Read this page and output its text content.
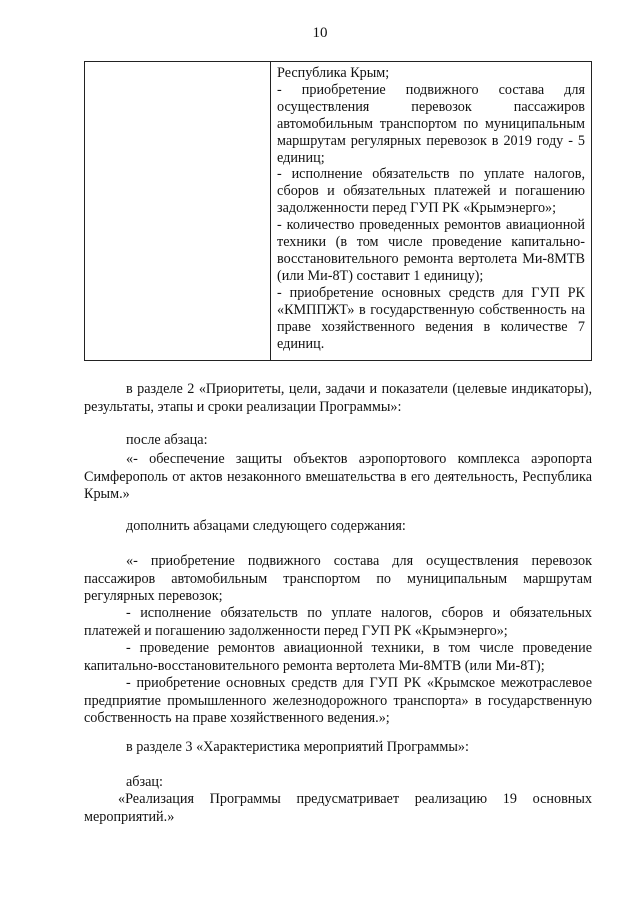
10

Республика Крым;

- приобретение подвижного состава для осуществления перевозок пассажиров автомобильным транспортом по муниципальным маршрутам регулярных перевозок в 2019 году - 5 единиц;

- исполнение обязательств по уплате налогов, сборов и обязательных платежей и погашению задолженности перед ГУП РК «Крымэнерго»;

- количество проведенных ремонтов авиационной техники (в том числе проведение капитально-восстановительного ремонта вертолета Ми-8МТВ (или Ми-8Т) составит 1 единицу);

- приобретение основных средств для ГУП РК «КМППЖТ» в государственную собственность на праве хозяйственного ведения в количестве 7 единиц.

в разделе 2 «Приоритеты, цели, задачи и показатели (целевые индикаторы), результаты, этапы и сроки реализации Программы»:

после абзаца:

«- обеспечение защиты объектов аэропортового комплекса аэропорта Симферополь от актов незаконного вмешательства в его деятельность, Республика Крым.»

дополнить абзацами следующего содержания:

«- приобретение подвижного состава для осуществления перевозок пассажиров автомобильным транспортом по муниципальным маршрутам регулярных перевозок;

- исполнение обязательств по уплате налогов, сборов и обязательных платежей и погашению задолженности перед ГУП РК «Крымэнерго»;

- проведение ремонтов авиационной техники, в том числе проведение капитально-восстановительного ремонта вертолета Ми-8МТВ (или Ми-8Т);

- приобретение основных средств для ГУП РК «Крымское межотраслевое предприятие промышленного железнодорожного транспорта» в государственную собственность на праве хозяйственного ведения.»;

в разделе 3 «Характеристика мероприятий Программы»:

абзац:

«Реализация Программы предусматривает реализацию 19 основных мероприятий.»
